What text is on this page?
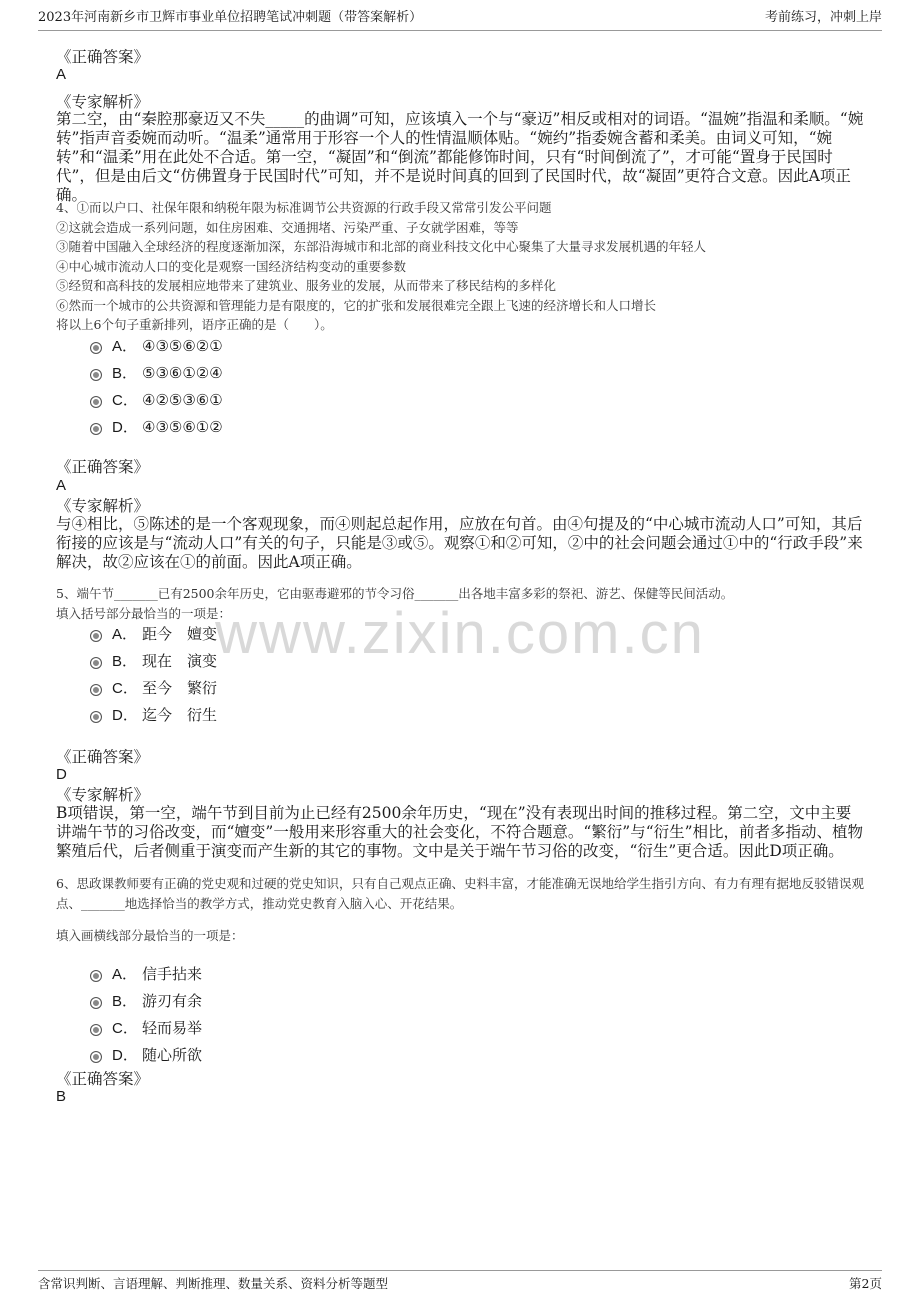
2023年河南新乡市卫辉市事业单位招聘笔试冲刺题（带答案解析）	考前练习，冲刺上岸
www.zixin.com.cn
《正确答案》
A
《专家解析》
第二空，由“秦腔那豪迈又不失_____的曲调”可知，应该填入一个与“豪迈”相反或相对的词语。“温婉”指温和柔顺。“婉转”指声音委婉而动听。“温柔”通常用于形容一个人的性情温顺体贴。“婉约”指委婉含蓄和柔美。由词义可知，“婉转”和“温柔”用在此处不合适。第一空，“凝固”和“倒流”都能修饰时间，只有“时间倒流了”，才可能“置身于民国时代”，但是由后文“仿佛置身于民国时代”可知，并不是说时间真的回到了民国时代，故“凝固”更符合文意。因此A项正确。
4、①而以户口、社保年限和纳税年限为标准调节公共资源的行政手段又常常引发公平问题
②这就会造成一系列问题，如住房困难、交通拥堵、污染严重、子女就学困难，等等
③随着中国融入全球经济的程度逐渐加深，东部沿海城市和北部的商业科技文化中心聚集了大量寻求发展机遇的年轻人
④中心城市流动人口的变化是观察一国经济结构变动的重要参数
⑤经贸和高科技的发展相应地带来了建筑业、服务业的发展，从而带来了移民结构的多样化
⑥然而一个城市的公共资源和管理能力是有限度的，它的扩张和发展很难完全跟上飞速的经济增长和人口增长
将以上6个句子重新排列，语序正确的是（　　）。
A． ④③⑤⑥②①
B． ⑤③⑥①②④
C． ④②⑤③⑥①
D． ④③⑤⑥①②
《正确答案》
A
《专家解析》
与④相比，⑤陈述的是一个客观现象，而④则起总起作用，应放在句首。由④句提及的“中心城市流动人口”可知，其后衔接的应该是与“流动人口”有关的句子，只能是③或⑤。观察①和②可知，②中的社会问题会通过①中的“行政手段”来解决，故②应该在①的前面。因此A项正确。
5、端午节_______已有2500余年历史，它由驱毒避邪的节令习俗_______出各地丰富多彩的祭祀、游艺、保健等民间活动。
填入括号部分最恰当的一项是：
A． 距今　嬗变
B． 现在　演变
C． 至今　繁衍
D． 迄今　衍生
《正确答案》
D
《专家解析》
B项错误，第一空，端午节到目前为止已经有2500余年历史，“现在”没有表现出时间的推移过程。第二空，文中主要讲端午节的习俗改变，而“嬗变”一般用来形容重大的社会变化，不符合题意。“繁衍”与“衍生”相比，前者多指动、植物繁殖后代，后者侧重于演变而产生新的其它的事物。文中是关于端午节习俗的改变，“衍生”更合适。因此D项正确。
6、思政课教师要有正确的党史观和过硬的党史知识，只有自己观点正确、史料丰富，才能准确无误地给学生指引方向、有力有理有据地反驳错误观点、_______地选择恰当的教学方式，推动党史教育入脑入心、开花结果。
填入画横线部分最恰当的一项是：
A． 信手拈来
B． 游刃有余
C． 轻而易举
D． 随心所欲
《正确答案》
B
含常识判断、言语理解、判断推理、数量关系、资料分析等题型	第2页
